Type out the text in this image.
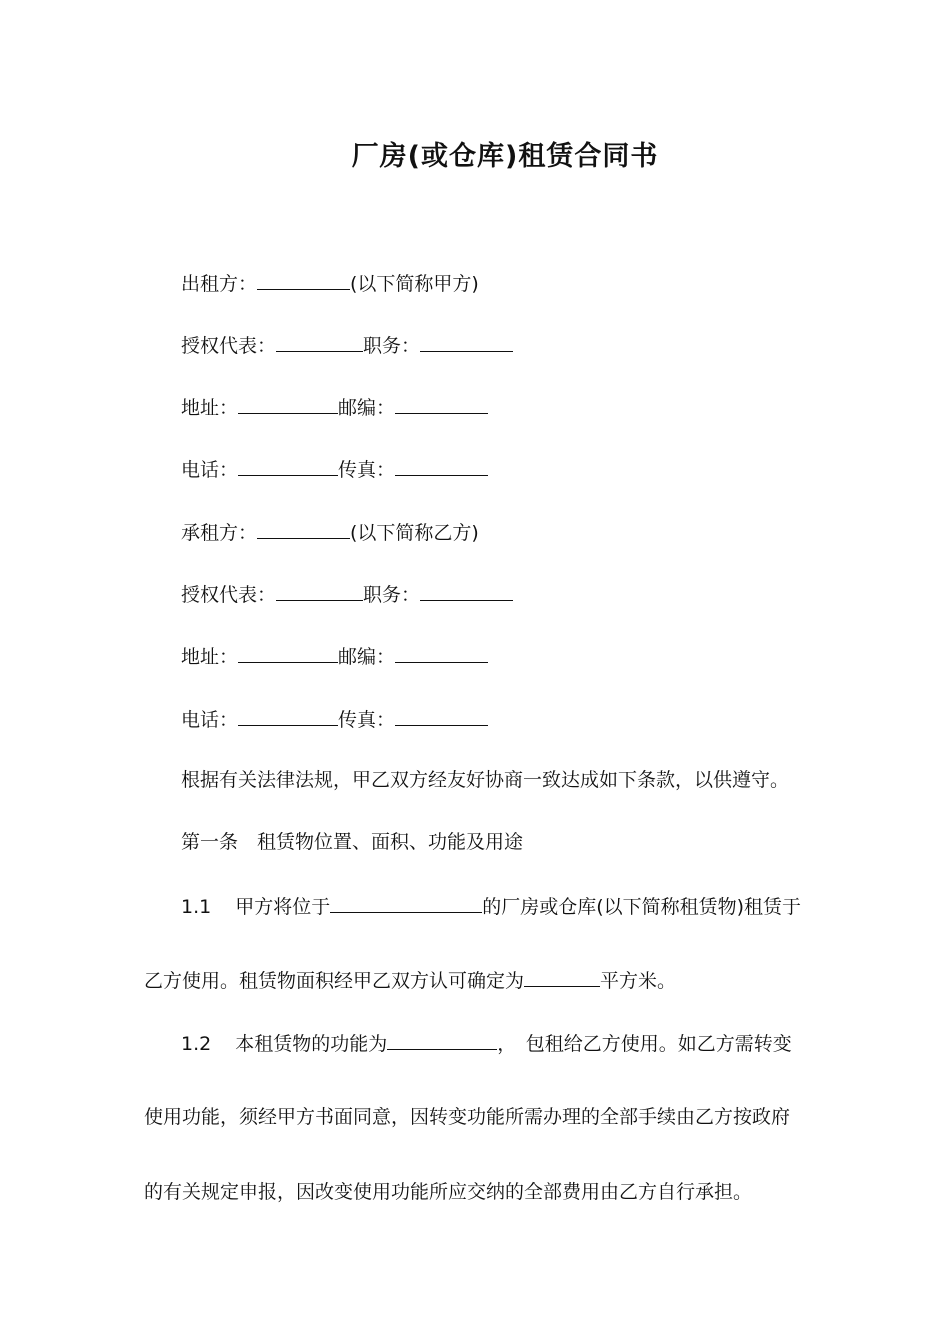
厂房(或仓库)租赁合同书
出租方：	(以下简称甲方)
授权代表：	职务：
地址：	邮编：
电话：	传真：
承租方：	(以下简称乙方)
授权代表：	职务：
地址：	邮编：
电话：	传真：
根据有关法律法规，甲乙双方经友好协商一致达成如下条款，以供遵守。
第一条　租赁物位置、面积、功能及用途
1.1 甲方将位于	的厂房或仓库(以下简称租赁物)租赁于
乙方使用。租赁物面积经甲乙双方认可确定为	平方米。
1.2 本租赁物的功能为	，　包租给乙方使用。如乙方需转变
使用功能，须经甲方书面同意，因转变功能所需办理的全部手续由乙方按政府
的有关规定申报，因改变使用功能所应交纳的全部费用由乙方自行承担。
